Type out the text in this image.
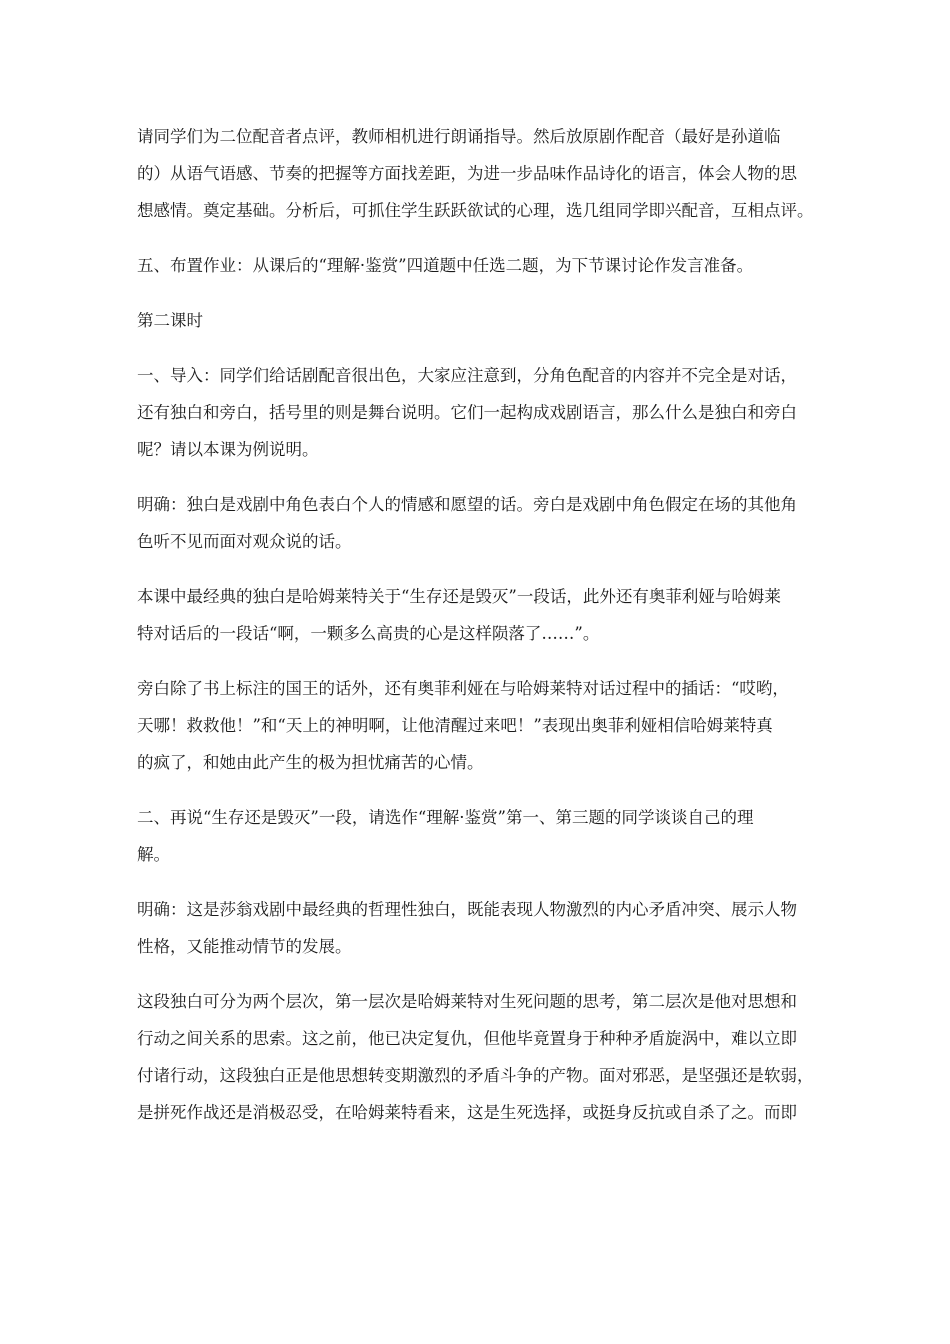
请同学们为二位配音者点评，教师相机进行朗诵指导。然后放原剧作配音（最好是孙道临
的）从语气语感、节奏的把握等方面找差距，为进一步品味作品诗化的语言，体会人物的思
想感情。奠定基础。分析后，可抓住学生跃跃欲试的心理，选几组同学即兴配音，互相点评。

五、布置作业：从课后的“理解·鉴赏”四道题中任选二题，为下节课讨论作发言准备。

第二课时

一、导入：同学们给话剧配音很出色，大家应注意到，分角色配音的内容并不完全是对话，
还有独白和旁白，括号里的则是舞台说明。它们一起构成戏剧语言，那么什么是独白和旁白
呢？请以本课为例说明。

明确：独白是戏剧中角色表白个人的情感和愿望的话。旁白是戏剧中角色假定在场的其他角
色听不见而面对观众说的话。

本课中最经典的独白是哈姆莱特关于“生存还是毁灭”一段话，此外还有奥菲利娅与哈姆莱
特对话后的一段话“啊，一颗多么高贵的心是这样陨落了……”。

旁白除了书上标注的国王的话外，还有奥菲利娅在与哈姆莱特对话过程中的插话：“哎哟，
天哪！救救他！”和“天上的神明啊，让他清醒过来吧！”表现出奥菲利娅相信哈姆莱特真
的疯了，和她由此产生的极为担忧痛苦的心情。

二、再说“生存还是毁灭”一段，请选作“理解·鉴赏”第一、第三题的同学谈谈自己的理
解。

明确：这是莎翁戏剧中最经典的哲理性独白，既能表现人物激烈的内心矛盾冲突、展示人物
性格，又能推动情节的发展。

这段独白可分为两个层次，第一层次是哈姆莱特对生死问题的思考，第二层次是他对思想和
行动之间关系的思索。这之前，他已决定复仇，但他毕竟置身于种种矛盾旋涡中，难以立即
付诸行动，这段独白正是他思想转变期激烈的矛盾斗争的产物。面对邪恶，是坚强还是软弱，
是拼死作战还是消极忍受，在哈姆莱特看来，这是生死选择，或挺身反抗或自杀了之。而即
